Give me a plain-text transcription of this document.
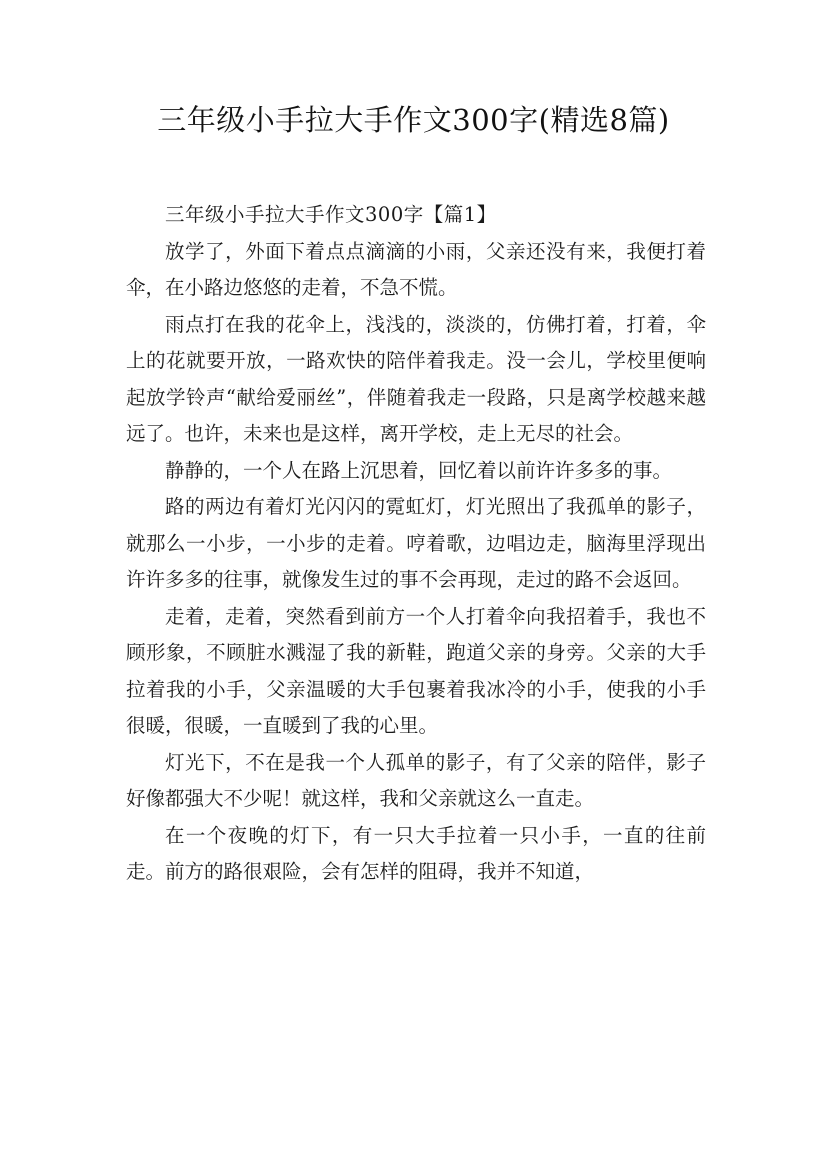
三年级小手拉大手作文300字(精选8篇)
三年级小手拉大手作文300字【篇1】

放学了，外面下着点点滴滴的小雨，父亲还没有来，我便打着伞，在小路边悠悠的走着，不急不慌。

雨点打在我的花伞上，浅浅的，淡淡的，仿佛打着，打着，伞上的花就要开放，一路欢快的陪伴着我走。没一会儿，学校里便响起放学铃声“献给爱丽丝”，伴随着我走一段路，只是离学校越来越远了。也许，未来也是这样，离开学校，走上无尽的社会。

静静的，一个人在路上沉思着，回忆着以前许许多多的事。

路的两边有着灯光闪闪的霓虹灯，灯光照出了我孤单的影子，就那么一小步，一小步的走着。哼着歌，边唱边走，脑海里浮现出许许多多的往事，就像发生过的事不会再现，走过的路不会返回。

走着，走着，突然看到前方一个人打着伞向我招着手，我也不顾形象，不顾脏水溅湿了我的新鞋，跑道父亲的身旁。父亲的大手拉着我的小手，父亲温暖的大手包裹着我冰冷的小手，使我的小手很暖，很暖，一直暖到了我的心里。

灯光下，不在是我一个人孤单的影子，有了父亲的陪伴，影子好像都强大不少呢！就这样，我和父亲就这么一直走。

在一个夜晚的灯下，有一只大手拉着一只小手，一直的往前走。前方的路很艰险，会有怎样的阻碍，我并不知道，
